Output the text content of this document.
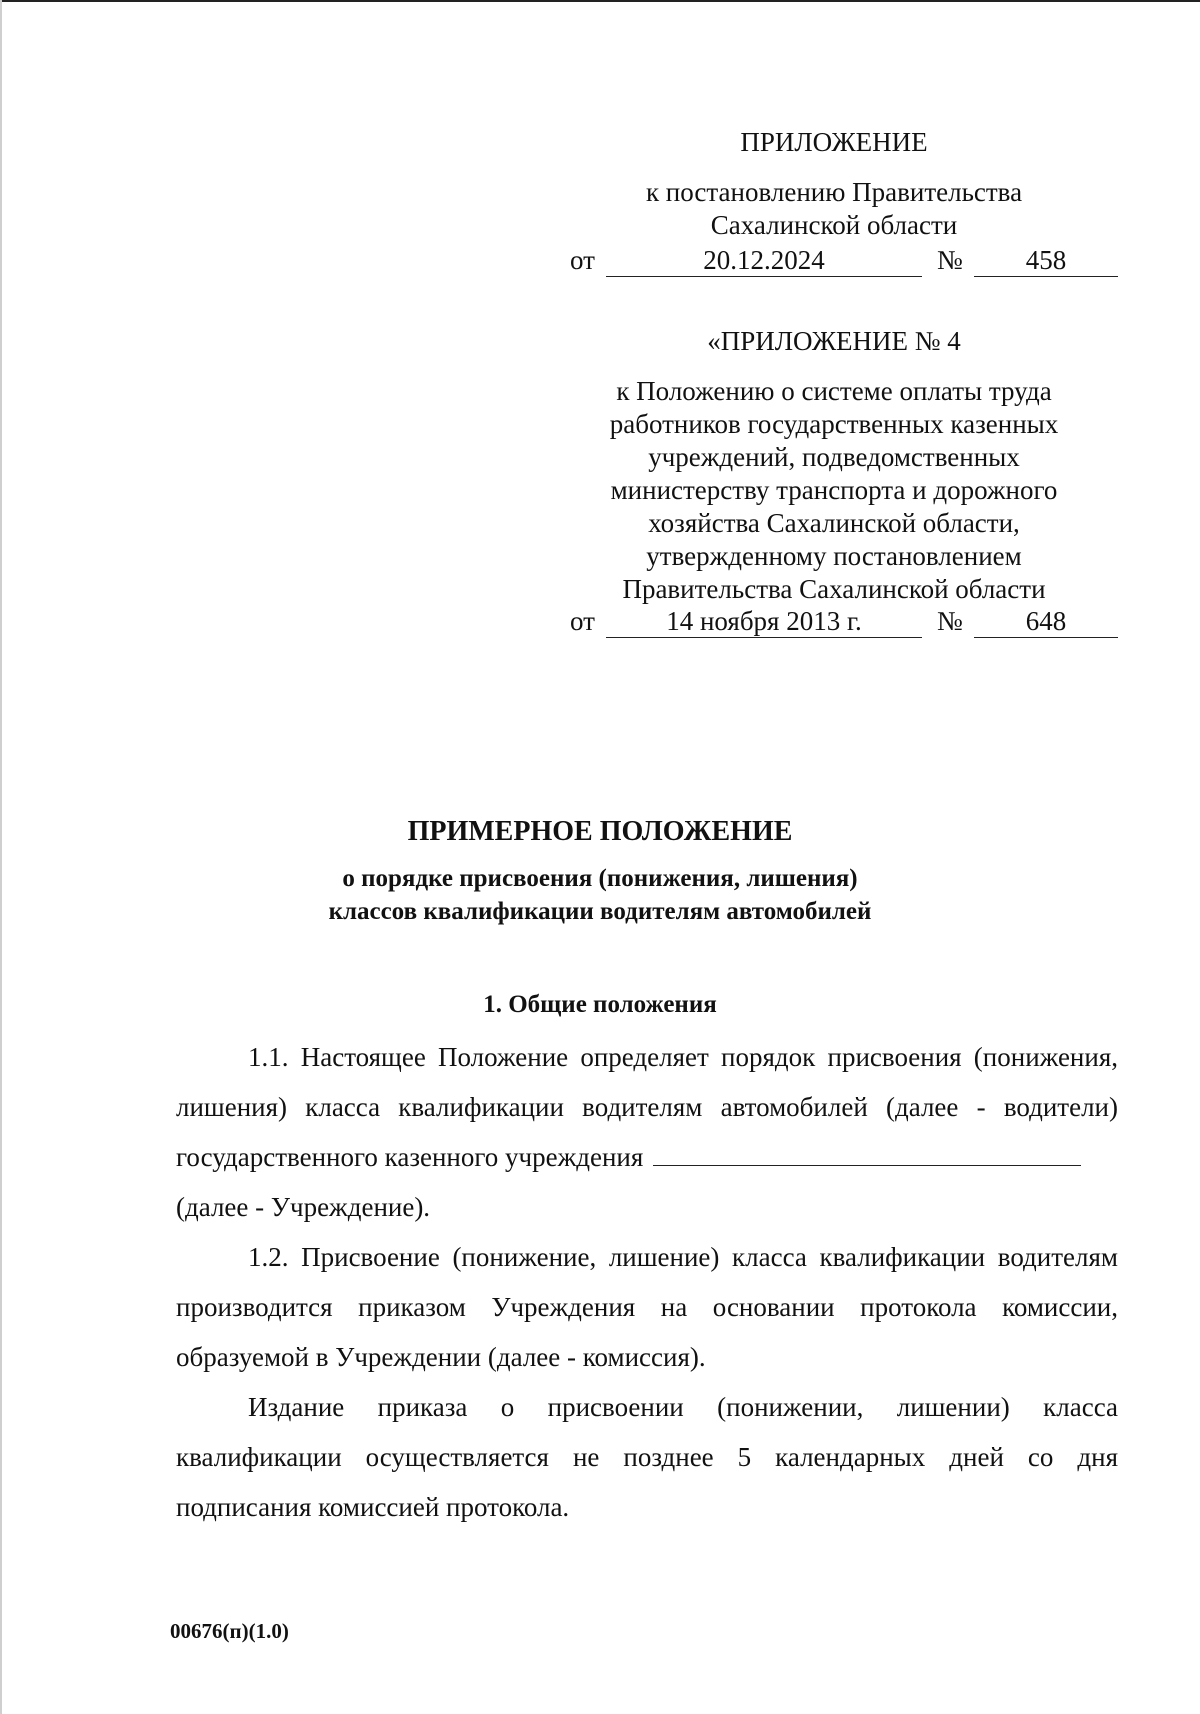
ПРИЛОЖЕНИЕ
к постановлению Правительства
Сахалинской области
от	20.12.2024	№	458
«ПРИЛОЖЕНИЕ № 4
к Положению о системе оплаты труда
работников государственных казенных
учреждений, подведомственных
министерству транспорта и дорожного
хозяйства Сахалинской области,
утвержденному постановлением
Правительства Сахалинской области
от	14 ноября 2013 г.	№	648
ПРИМЕРНОЕ ПОЛОЖЕНИЕ
о порядке присвоения (понижения, лишения)
классов квалификации водителям автомобилей
1. Общие положения
1.1. Настоящее Положение определяет порядок присвоения (понижения, лишения) класса квалификации водителям автомобилей (далее - водители) государственного казенного учреждения
(далее - Учреждение).
1.2. Присвоение (понижение, лишение) класса квалификации водителям производится приказом Учреждения на основании протокола комиссии, образуемой в Учреждении (далее - комиссия).
Издание приказа о присвоении (понижении, лишении) класса квалификации осуществляется не позднее 5 календарных дней со дня подписания комиссией протокола.
00676(п)(1.0)
